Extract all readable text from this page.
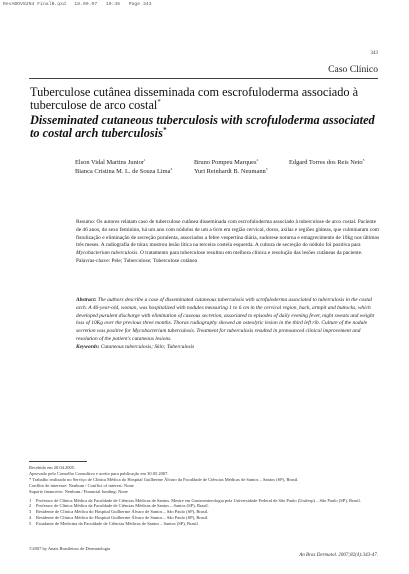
RevABDV82N4 FinalB.qxd   18.09.07   10:45   Page 343
343
Caso Clínico
Tuberculose cutânea disseminada com escrofuloderma associado à tuberculose de arco costal*
Disseminated cutaneous tuberculosis with scrofuloderma associated to costal arch tuberculosis*
Elson Vidal Martins Junior$^1$	Bruno Pompeu Marques$^2$	Edgard Torres dos Reis Neto$^3$
Bianca Cristina M. L. de Souza Lima$^4$	Yuri Reinhardt B. Neumann$^5$

Resumo: Os autores relatam caso de tuberculose cutânea disseminada com escrofuloderma associado à tuberculose de arco costal. Paciente de 46 anos, do sexo feminino, há um ano com nódulos de um a 6cm em região cervical, dorso, axilas e regiões glúteas, que culminaram com fistulização e eliminação de secreção purulenta, associados a febre vespertina diária, sudorese noturna e emagrecimento de 10kg nos últimos três meses. A radiografia de tórax mostrou lesão lítica na terceira costela esquerda. A cultura de secreção do nódulo foi positiva para Mycobacterium tuberculosis. O tratamento para tuberculose resultou em melhora clínica e resolução das lesões cutâneas da paciente.
Palavras-chave: Pele; Tuberculose; Tuberculose cutânea

Abstract: The authors describe a case of disseminated cutaneous tuberculosis with scrofuloderma associated to tuberculosis in the costal arch. A 46-year-old, woman, was hospitalized with nodules measuring 1 to 6 cm in the cervical region, back, armpit and buttocks, which developed purulent discharge with elimination of caseous secretion, associated to episodes of daily evening fever, night sweats and weight loss of 10Kg over the previous three months. Thorax radiography showed an osteolytic lesion in the third left rib. Culture of the nodule secretion was positive for Mycobacterium tuberculosis. Treatment for tuberculosis resulted in pronounced clinical improvement and resolution of the patient's cutaneous lesions.
Keywords: Cutaneous tuberculosis; Skin; Tuberculosis

Recebido em 20.04.2005.
Aprovado pelo Conselho Consultivo e aceito para publicação em 30.05.2007.
* Trabalho realizado no Serviço de Clínica Médica do Hospital Guilherme Álvaro da Faculdade de Ciências Médicas de Santos – Santos (SP), Brasil.
Conflito de interesse: Nenhum / Conflict of interest: None
Suporte financeiro: Nenhum / Financial funding: None
1	Professor de Clínica Médica da Faculdade de Ciências Médicas de Santos. Mestre em Gastroenterologia pela Universidade Federal de São Paulo (Unifesp) – São Paulo (SP), Brasil.
2	Professor de Clínica Médica da Faculdade de Ciências Médicas de Santos – Santos (SP), Brasil.
3	Residente de Clínica Médica do Hospital Guilherme Álvaro de Santos – São Paulo (SP), Brasil.
4	Residente de Clínica Médica do Hospital Guilherme Álvaro de Santos – São Paulo (SP), Brasil.
5	Estudante de Medicina da Faculdade de Ciências Médicas de Santos – Santos (SP), Brasil.
©2007 by Anais Brasileiros de Dermatologia
An Bras Dermatol. 2007;82(4):343-47.
